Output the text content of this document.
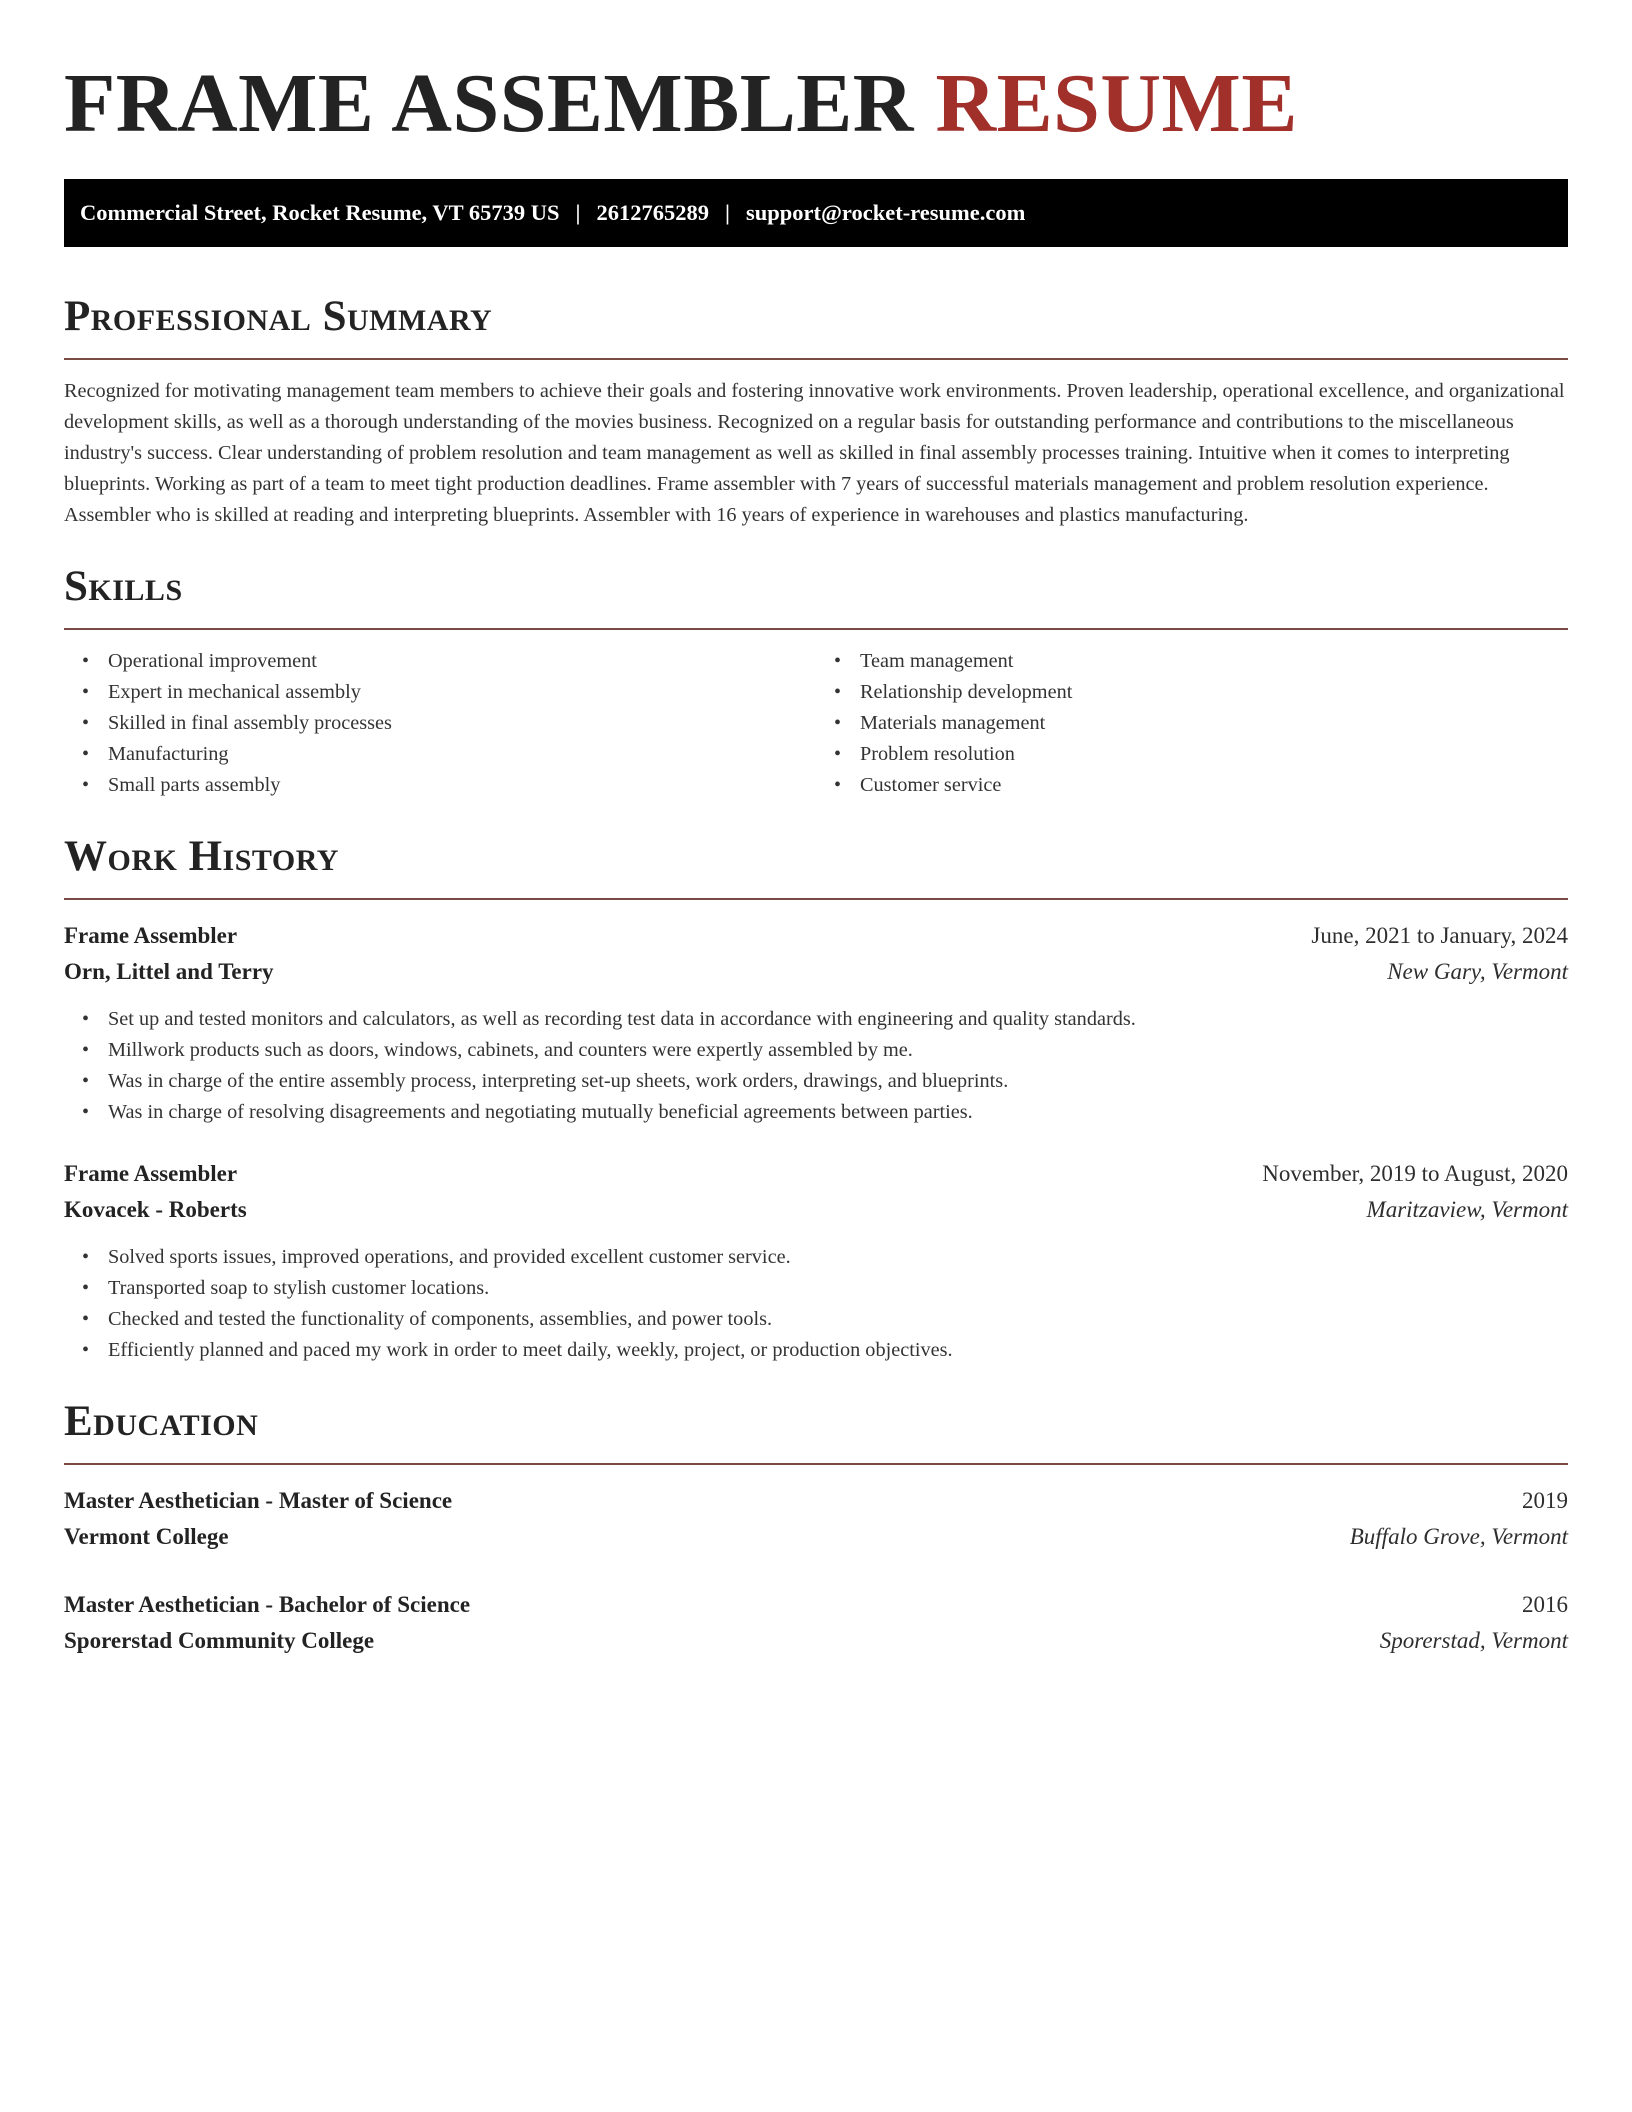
FRAME ASSEMBLER RESUME
Commercial Street, Rocket Resume, VT 65739 US | 2612765289 | support@rocket-resume.com
Professional Summary

Recognized for motivating management team members to achieve their goals and fostering innovative work environments. Proven leadership, operational excellence, and organizational development skills, as well as a thorough understanding of the movies business. Recognized on a regular basis for outstanding performance and contributions to the miscellaneous industry's success. Clear understanding of problem resolution and team management as well as skilled in final assembly processes training. Intuitive when it comes to interpreting blueprints. Working as part of a team to meet tight production deadlines. Frame assembler with 7 years of successful materials management and problem resolution experience. Assembler who is skilled at reading and interpreting blueprints. Assembler with 16 years of experience in warehouses and plastics manufacturing.

Skills
• Operational improvement
• Expert in mechanical assembly
• Skilled in final assembly processes
• Manufacturing
• Small parts assembly
• Team management
• Relationship development
• Materials management
• Problem resolution
• Customer service
Work History
Frame Assembler	June, 2021 to January, 2024
Orn, Littel and Terry	New Gary, Vermont
• Set up and tested monitors and calculators, as well as recording test data in accordance with engineering and quality standards.
• Millwork products such as doors, windows, cabinets, and counters were expertly assembled by me.
• Was in charge of the entire assembly process, interpreting set-up sheets, work orders, drawings, and blueprints.
• Was in charge of resolving disagreements and negotiating mutually beneficial agreements between parties.
Frame Assembler	November, 2019 to August, 2020
Kovacek - Roberts	Maritzaview, Vermont
• Solved sports issues, improved operations, and provided excellent customer service.
• Transported soap to stylish customer locations.
• Checked and tested the functionality of components, assemblies, and power tools.
• Efficiently planned and paced my work in order to meet daily, weekly, project, or production objectives.
Education
Master Aesthetician - Master of Science	2019
Vermont College	Buffalo Grove, Vermont
Master Aesthetician - Bachelor of Science	2016
Sporerstad Community College	Sporerstad, Vermont
